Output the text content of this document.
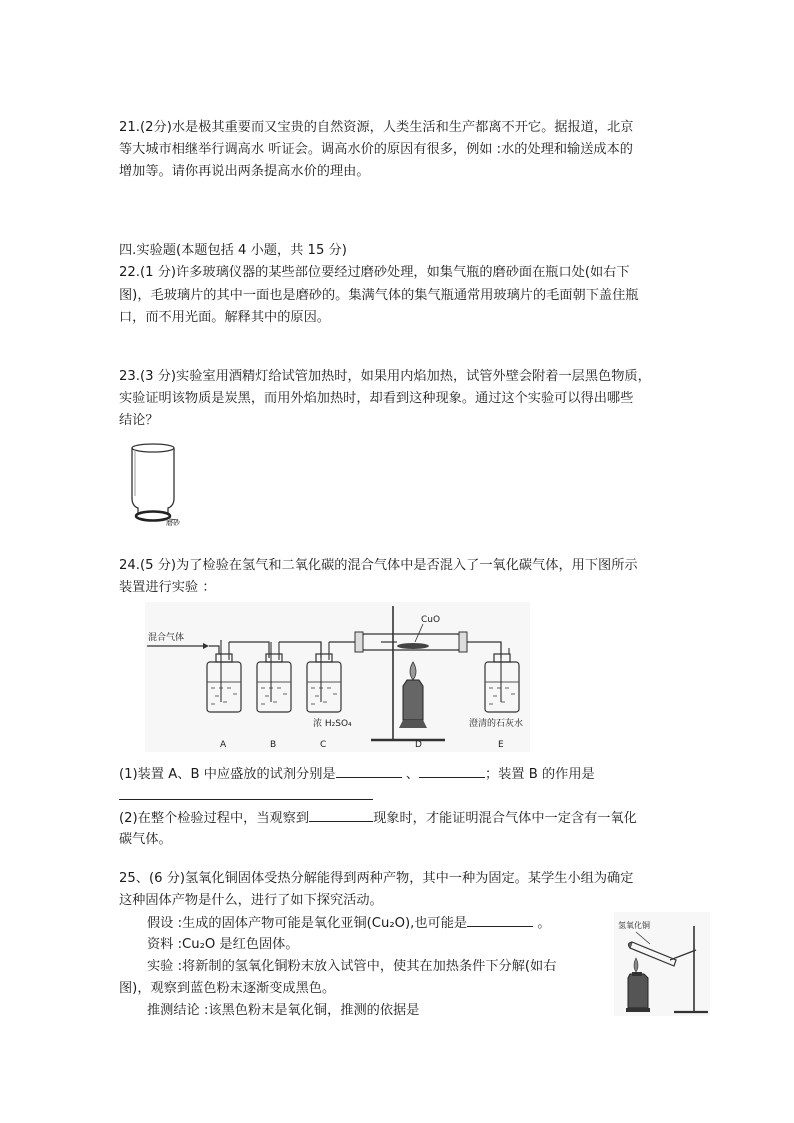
21.(2分)水是极其重要而又宝贵的自然资源，人类生活和生产都离不开它。据报道，北京
等大城市相继举行调高水 听证会。调高水价的原因有很多，例如 :水的处理和输送成本的
增加等。请你再说出两条提高水价的理由。
四.实验题(本题包括 4 小题，共 15 分)
22.(1 分)许多玻璃仪器的某些部位要经过磨砂处理，如集气瓶的磨砂面在瓶口处(如右下
图)，毛玻璃片的其中一面也是磨砂的。集满气体的集气瓶通常用玻璃片的毛面朝下盖住瓶
口，而不用光面。解释其中的原因。
23.(3 分)实验室用酒精灯给试管加热时，如果用内焰加热，试管外壁会附着一层黑色物质，
实验证明该物质是炭黑，而用外焰加热时，却看到这种现象。通过这个实验可以得出哪些
结论？
磨砂
24.(5 分)为了检验在氢气和二氧化碳的混合气体中是否混入了一氧化碳气体，用下图所示
装置进行实验 ：
混合气体
CuO
浓 H₂SO₄	澄清的石灰水
A	B	C	D	E
(1)装置 A、B 中应盛放的试剂分别是	、	；装置 B 的作用是
(2)在整个检验过程中，当观察到	现象时，才能证明混合气体中一定含有一氧化
碳气体。
25、(6 分)氢氧化铜固体受热分解能得到两种产物，其中一种为固定。某学生小组为确定
这种固体产物是什么，进行了如下探究活动。
假设 :生成的固体产物可能是氧化亚铜(Cu₂O),也可能是	。
资料 :Cu₂O 是红色固体。
实验 :将新制的氢氧化铜粉末放入试管中，使其在加热条件下分解(如右
图)，观察到蓝色粉末逐渐变成黑色。
推测结论 :该黑色粉末是氧化铜，推测的依据是
氢氧化铜
